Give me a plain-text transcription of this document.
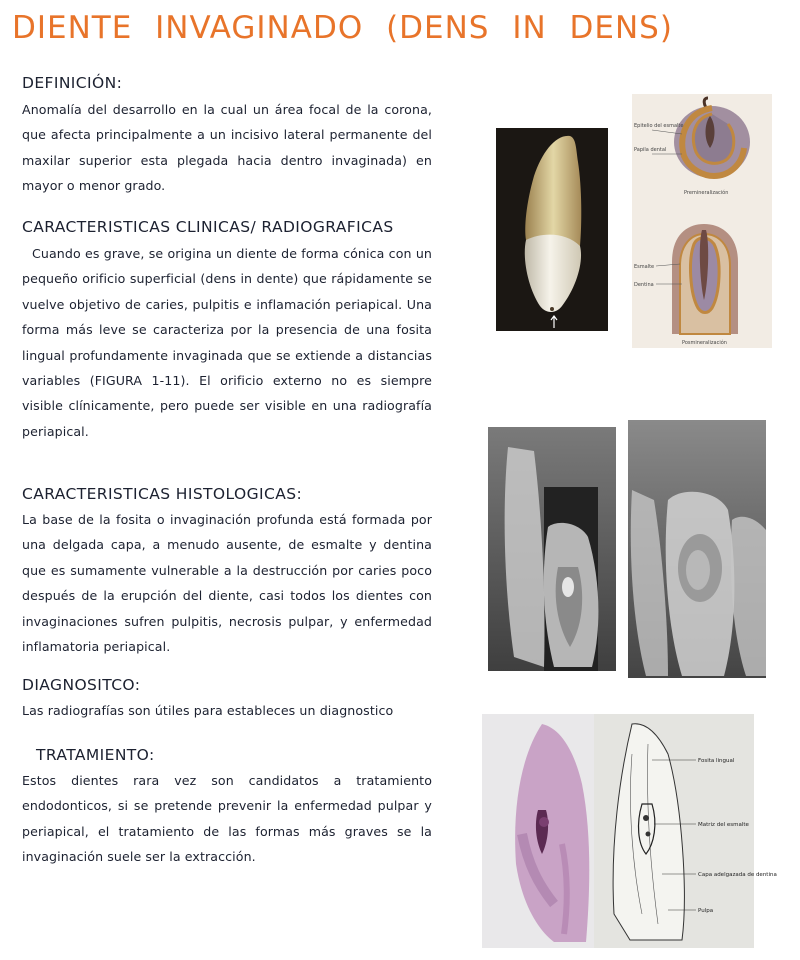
DIENTE INVAGINADO (DENS IN DENS)
DEFINICIÓN:
Anomalía del desarrollo en la cual un área focal de la corona, que afecta principalmente a un incisivo lateral permanente del maxilar superior esta plegada hacia dentro invaginada) en mayor o menor grado.
CARACTERISTICAS CLINICAS/ RADIOGRAFICAS
Cuando es grave, se origina un diente de forma cónica con un pequeño orificio superficial (dens in dente) que rápidamente se vuelve objetivo de caries, pulpitis e inflamación periapical. Una forma más leve se caracteriza por la presencia de una fosita lingual profundamente invaginada que se extiende a distancias variables (FIGURA 1-11). El orificio externo no es siempre visible clínicamente, pero puede ser visible en una radiografía periapical.
CARACTERISTICAS HISTOLOGICAS:
La base de la fosita o invaginación profunda está formada por una delgada capa, a menudo ausente, de esmalte y dentina que es sumamente vulnerable a la destrucción por caries poco después de la erupción del diente, casi todos los dientes con invaginaciones sufren pulpitis, necrosis pulpar, y enfermedad inflamatoria periapical.
DIAGNOSITCO:
Las radiografías son útiles para estableces un diagnostico
TRATAMIENTO:
Estos dientes rara vez son candidatos a tratamiento endodonticos, si se pretende prevenir la enfermedad pulpar y periapical, el tratamiento de las formas más graves se la invaginación suele ser la extracción.
Epitelio del esmalte
Papila dental
Premineralización
Esmalte
Dentina
Posmineralización
Fosita lingual
Matriz del esmalte
Capa adelgazada de dentina
Pulpa
